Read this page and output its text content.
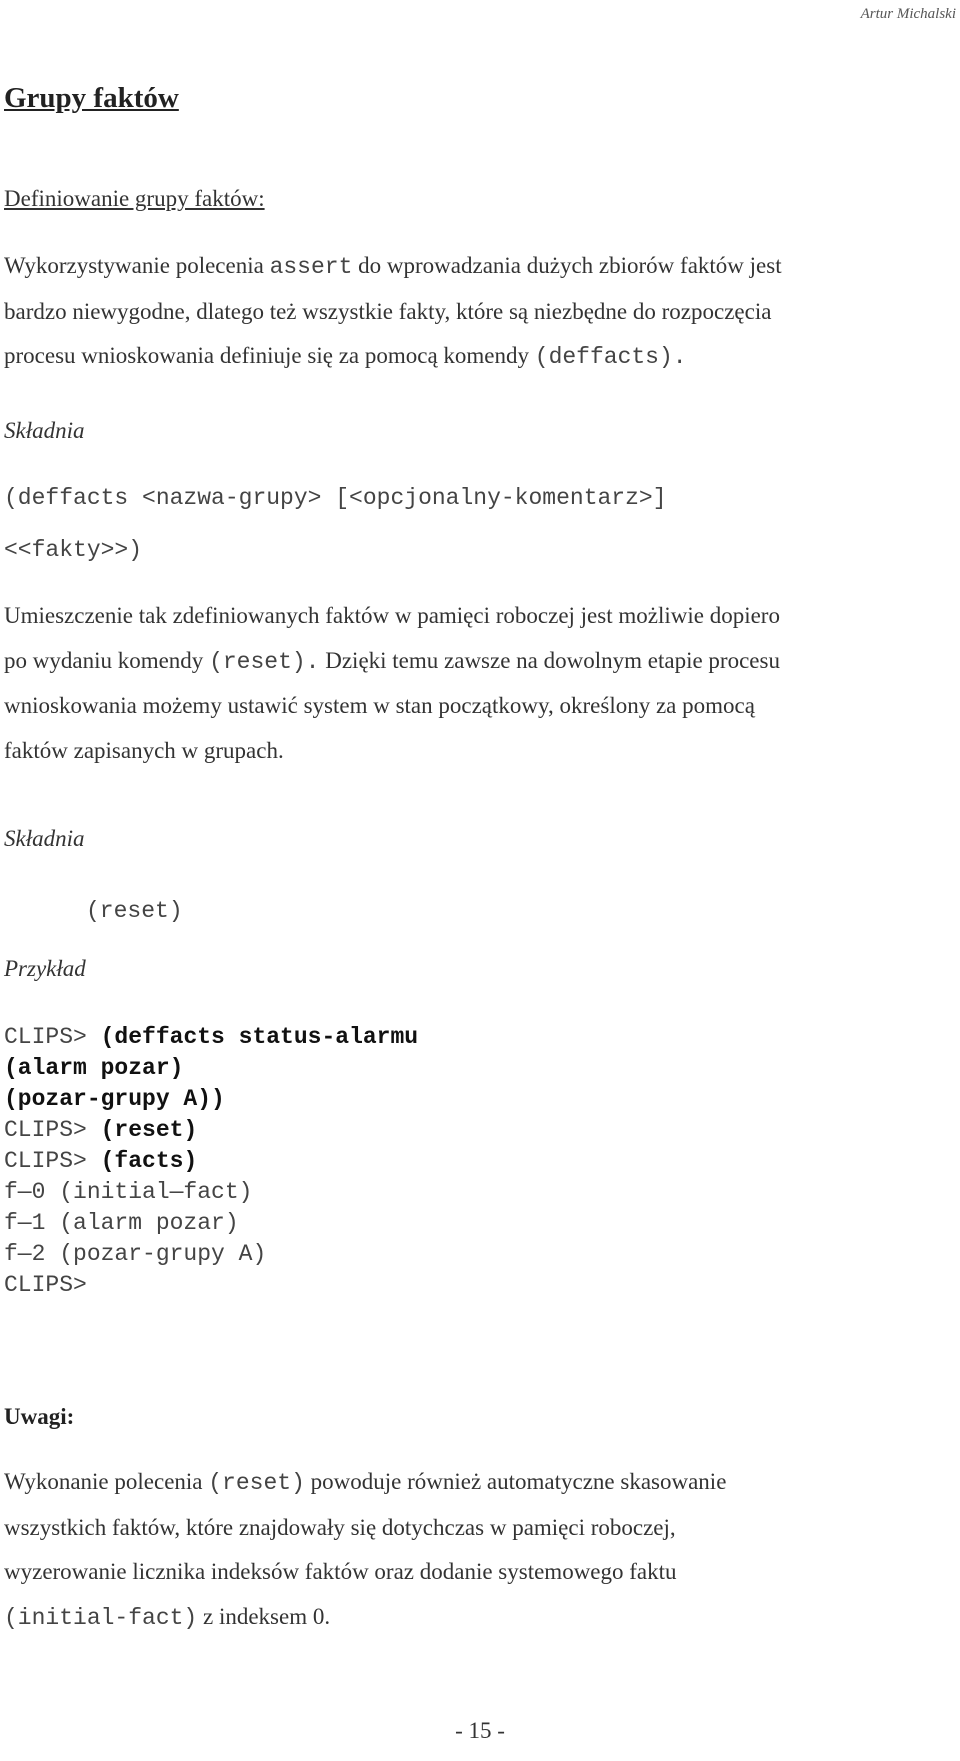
Artur Michalski
Grupy faktów
Definiowanie grupy faktów:
Wykorzystywanie polecenia assert do wprowadzania dużych zbiorów faktów jest
bardzo niewygodne, dlatego też wszystkie fakty, które są niezbędne do rozpoczęcia
procesu wnioskowania definiuje się za pomocą komendy (deffacts).
Składnia
(deffacts <nazwa-grupy> [<opcjonalny-komentarz>]
<<fakty>>)
Umieszczenie tak zdefiniowanych faktów w pamięci roboczej jest możliwie dopiero
po wydaniu komendy (reset). Dzięki temu zawsze na dowolnym etapie procesu
wnioskowania możemy ustawić system w stan początkowy, określony za pomocą
faktów zapisanych w grupach.
Składnia
(reset)
Przykład
CLIPS> (deffacts status-alarmu
(alarm pozar)
(pozar-grupy A))
CLIPS> (reset)
CLIPS> (facts)
f—0 (initial—fact)
f—1 (alarm pozar)
f—2 (pozar-grupy A)
CLIPS>
Uwagi:
Wykonanie polecenia (reset) powoduje również automatyczne skasowanie
wszystkich faktów, które znajdowały się dotychczas w pamięci roboczej,
wyzerowanie licznika indeksów faktów oraz dodanie systemowego faktu
(initial-fact) z indeksem 0.
- 15 -
